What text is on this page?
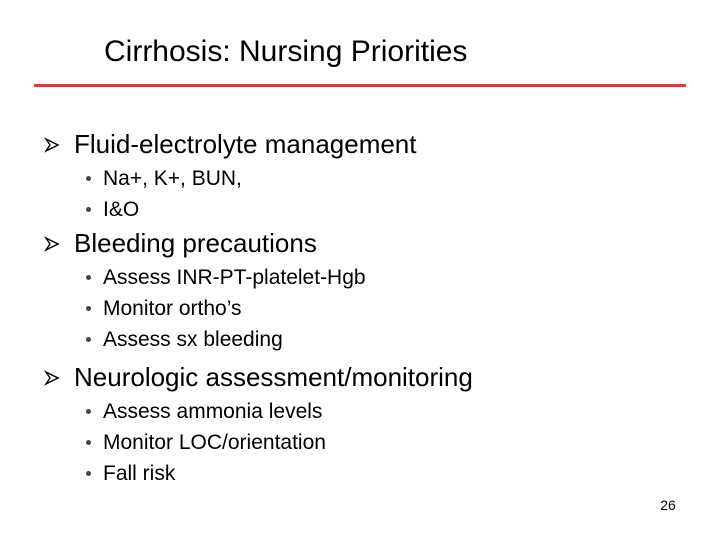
Cirrhosis: Nursing Priorities
Fluid-electrolyte management
Na+, K+, BUN,
I&O
Bleeding precautions
Assess INR-PT-platelet-Hgb
Monitor ortho’s
Assess sx bleeding
Neurologic assessment/monitoring
Assess ammonia levels
Monitor LOC/orientation
Fall risk
26
